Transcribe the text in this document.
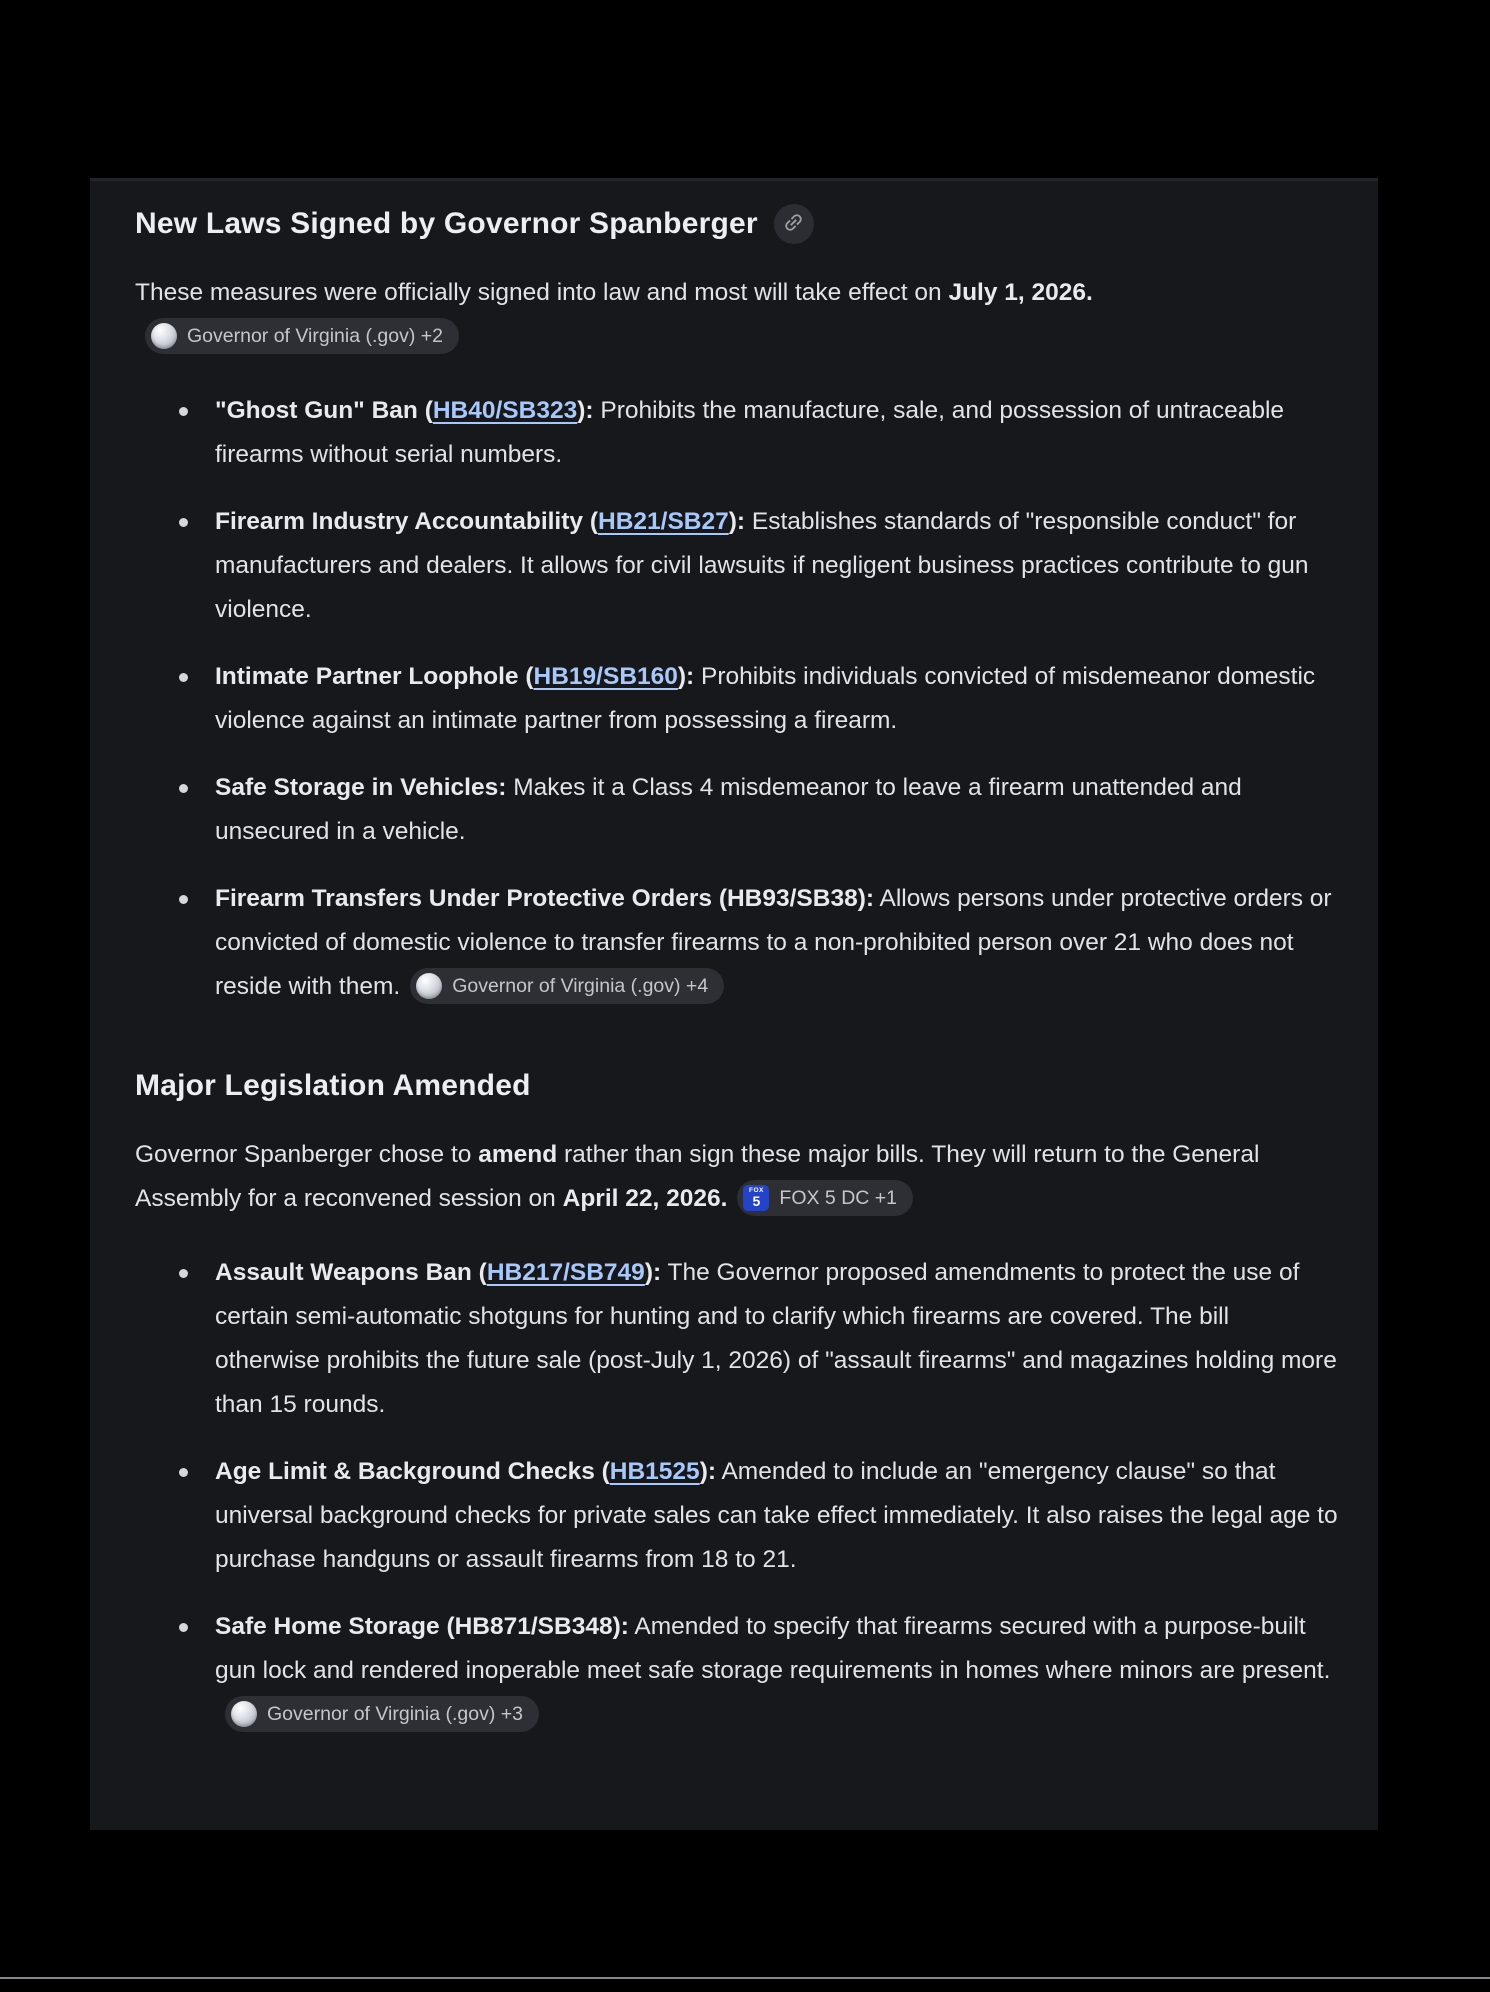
New Laws Signed by Governor Spanberger

These measures were officially signed into law and most will take effect on July 1, 2026.
Governor of Virginia (.gov) +2

"Ghost Gun" Ban (HB40/SB323): Prohibits the manufacture, sale, and possession of untraceable firearms without serial numbers.
Firearm Industry Accountability (HB21/SB27): Establishes standards of "responsible conduct" for manufacturers and dealers. It allows for civil lawsuits if negligent business practices contribute to gun violence.
Intimate Partner Loophole (HB19/SB160): Prohibits individuals convicted of misdemeanor domestic violence against an intimate partner from possessing a firearm.
Safe Storage in Vehicles: Makes it a Class 4 misdemeanor to leave a firearm unattended and unsecured in a vehicle.
Firearm Transfers Under Protective Orders (HB93/SB38): Allows persons under protective orders or convicted of domestic violence to transfer firearms to a non-prohibited person over 21 who does not reside with them.	Governor of Virginia (.gov) +4
Major Legislation Amended

Governor Spanberger chose to amend rather than sign these major bills. They will return to the General Assembly for a reconvened session on April 22, 2026.	FOX
5 FOX 5 DC +1

Assault Weapons Ban (HB217/SB749): The Governor proposed amendments to protect the use of certain semi-automatic shotguns for hunting and to clarify which firearms are covered. The bill otherwise prohibits the future sale (post-July 1, 2026) of "assault firearms" and magazines holding more than 15 rounds.
Age Limit & Background Checks (HB1525): Amended to include an "emergency clause" so that universal background checks for private sales can take effect immediately. It also raises the legal age to purchase handguns or assault firearms from 18 to 21.
Safe Home Storage (HB871/SB348): Amended to specify that firearms secured with a purpose-built gun lock and rendered inoperable meet safe storage requirements in homes where minors are present.
Governor of Virginia (.gov) +3
